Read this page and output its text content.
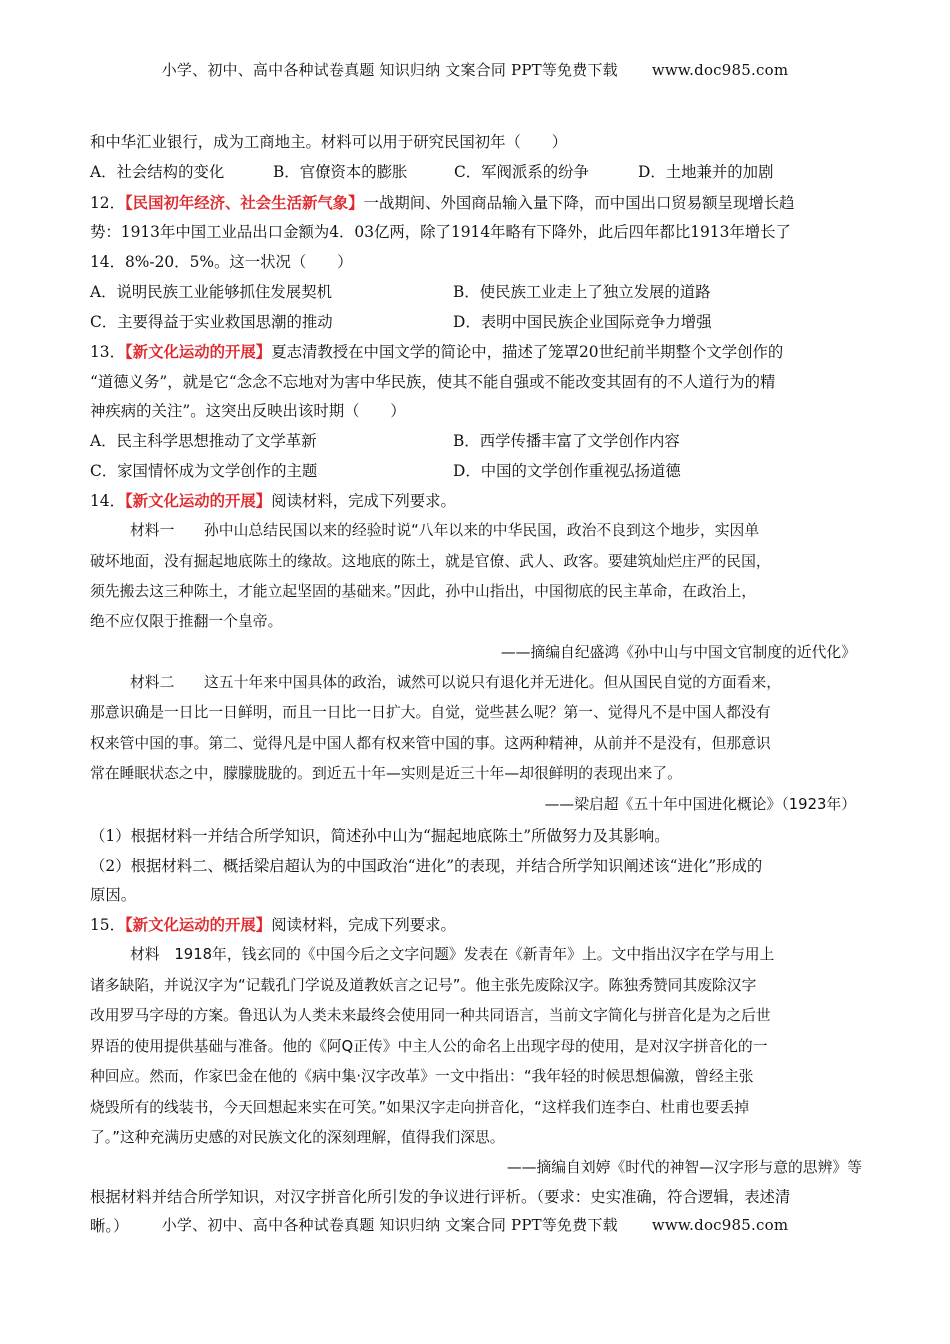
小学、初中、高中各种试卷真题 知识归纳 文案合同 PPT等免费下载 www.doc985.com
和中华汇业银行，成为工商地主。材料可以用于研究民国初年（　　）
A．社会结构的变化	B．官僚资本的膨胀	C．军阀派系的纷争	D．土地兼并的加剧
12．【民国初年经济、社会生活新气象】一战期间、外国商品输入量下降，而中国出口贸易额呈现增长趋
势：1913年中国工业品出口金额为4．03亿两，除了1914年略有下降外，此后四年都比1913年增长了
14．8%-20．5%。这一状况（　　）
A．说明民族工业能够抓住发展契机	B．使民族工业走上了独立发展的道路
C．主要得益于实业救国思潮的推动	D．表明中国民族企业国际竞争力增强
13．【新文化运动的开展】夏志清教授在中国文学的简论中，描述了笼罩20世纪前半期整个文学创作的
“道德义务”，就是它“念念不忘地对为害中华民族，使其不能自强或不能改变其固有的不人道行为的精
神疾病的关注”。这突出反映出该时期（　　）
A．民主科学思想推动了文学革新	B．西学传播丰富了文学创作内容
C．家国情怀成为文学创作的主题	D．中国的文学创作重视弘扬道德
14．【新文化运动的开展】阅读材料，完成下列要求。
材料一　　孙中山总结民国以来的经验时说“八年以来的中华民国，政治不良到这个地步，实因单
破坏地面，没有掘起地底陈土的缘故。这地底的陈土，就是官僚、武人、政客。要建筑灿烂庄严的民国，
须先搬去这三种陈土，才能立起坚固的基础来。”因此，孙中山指出，中国彻底的民主革命，在政治上，
绝不应仅限于推翻一个皇帝。
——摘编自纪盛鸿《孙中山与中国文官制度的近代化》
材料二　　这五十年来中国具体的政治，诚然可以说只有退化并无进化。但从国民自觉的方面看来，
那意识确是一日比一日鲜明，而且一日比一日扩大。自觉，觉些甚么呢？第一、觉得凡不是中国人都没有
权来管中国的事。第二、觉得凡是中国人都有权来管中国的事。这两种精神，从前并不是没有，但那意识
常在睡眠状态之中，朦朦胧胧的。到近五十年—实则是近三十年—却很鲜明的表现出来了。
——梁启超《五十年中国进化概论》（1923年）
（1）根据材料一并结合所学知识，简述孙中山为“掘起地底陈土”所做努力及其影响。
（2）根据材料二、概括梁启超认为的中国政治“进化”的表现，并结合所学知识阐述该“进化”形成的
原因。
15．【新文化运动的开展】阅读材料，完成下列要求。
材料　1918年，钱玄同的《中国今后之文字问题》发表在《新青年》上。文中指出汉字在学与用上
诸多缺陷，并说汉字为“记载孔门学说及道教妖言之记号”。他主张先废除汉字。陈独秀赞同其废除汉字
改用罗马字母的方案。鲁迅认为人类未来最终会使用同一种共同语言，当前文字简化与拼音化是为之后世
界语的使用提供基础与准备。他的《阿Q正传》中主人公的命名上出现字母的使用，是对汉字拼音化的一
种回应。然而，作家巴金在他的《病中集·汉字改革》一文中指出：“我年轻的时候思想偏激，曾经主张
烧毁所有的线装书，今天回想起来实在可笑。”如果汉字走向拼音化，“这样我们连李白、杜甫也要丢掉
了。”这种充满历史感的对民族文化的深刻理解，值得我们深思。
——摘编自刘婷《时代的神智—汉字形与意的思辨》等
根据材料并结合所学知识，对汉字拼音化所引发的争议进行评析。（要求：史实准确，符合逻辑，表述清
晰。）	小学、初中、高中各种试卷真题 知识归纳 文案合同 PPT等免费下载 www.doc985.com
